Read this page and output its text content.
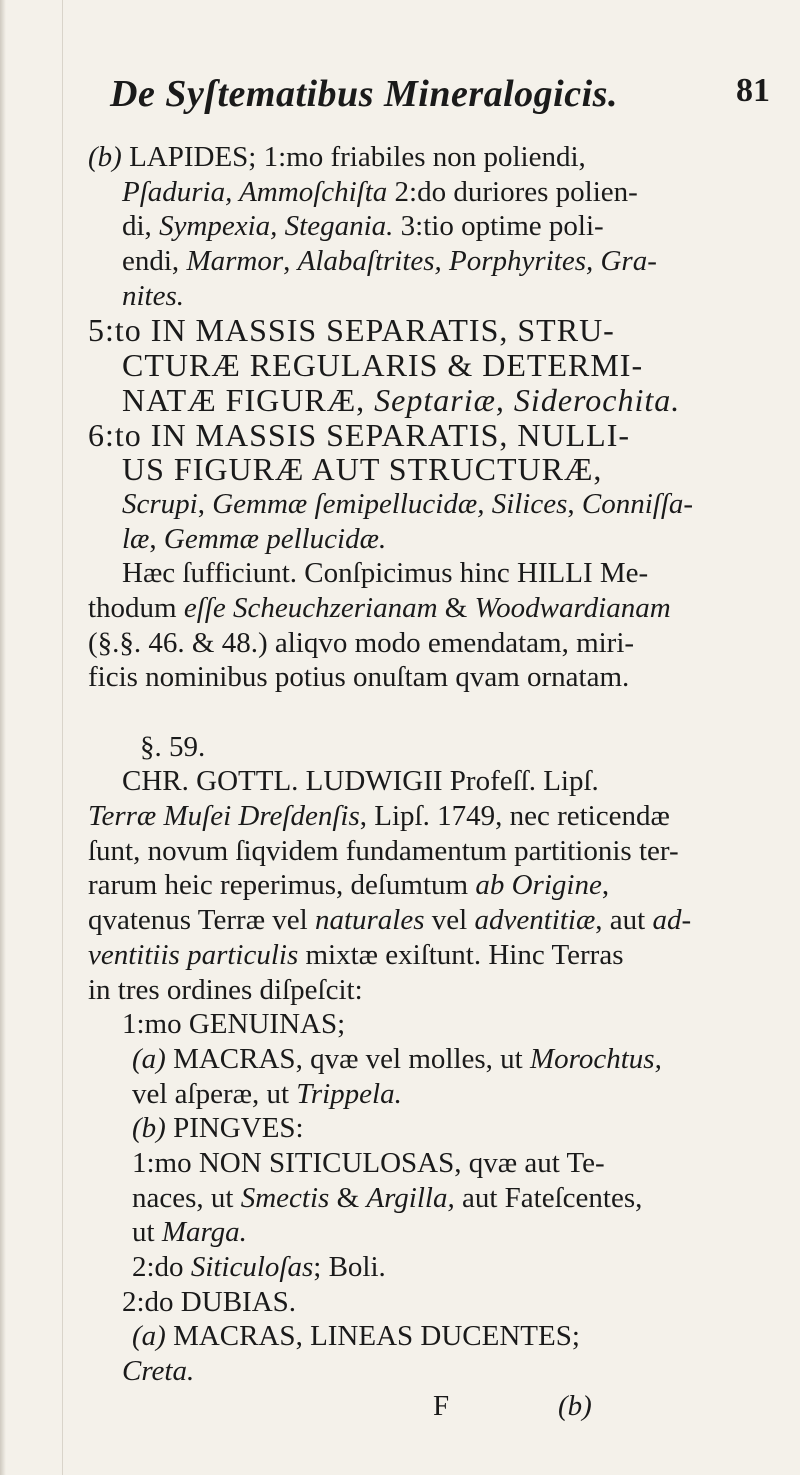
De Syſtematibus Mineralogicis.	81
(b) LAPIDES; 1:mo friabiles non poliendi,
Pſaduria, Ammoſchiſta 2:do duriores polien-
di, Sympexia, Stegania. 3:tio optime poli-
endi, Marmor, Alabaſtrites, Porphyrites, Gra-
nites.
5:to IN MASSIS SEPARATIS, STRU-
CTURÆ REGULARIS & DETERMI-
NATÆ FIGURÆ, Septariæ, Siderochita.
6:to IN MASSIS SEPARATIS, NULLI-
US FIGURÆ AUT STRUCTURÆ,
Scrupi, Gemmæ ſemipellucidæ, Silices, Conniſſa-
læ, Gemmæ pellucidæ.
Hæc ſufficiunt. Conſpicimus hinc HILLI Me-
thodum eſſe Scheuchzerianam & Woodwardianam
(§.§. 46. & 48.) aliqvo modo emendatam, miri-
ficis nominibus potius onuſtam qvam ornatam.
§. 59.
CHR. GOTTL. LUDWIGII Profeſſ. Lipſ.
Terræ Muſei Dreſdenſis, Lipſ. 1749, nec reticendæ
ſunt, novum ſiqvidem fundamentum partitionis ter-
rarum heic reperimus, deſumtum ab Origine,
qvatenus Terræ vel naturales vel adventitiæ, aut ad-
ventitiis particulis mixtæ exiſtunt. Hinc Terras
in tres ordines diſpeſcit:
1:mo GENUINAS;
(a) MACRAS, qvæ vel molles, ut Morochtus,
vel aſperæ, ut Trippela.
(b) PINGVES:
1:mo NON SITICULOSAS, qvæ aut Te-
naces, ut Smectis & Argilla, aut Fateſcentes,
ut Marga.
2:do Siticuloſas; Boli.
2:do DUBIAS.
(a) MACRAS, LINEAS DUCENTES;
Creta.
F	(b)
